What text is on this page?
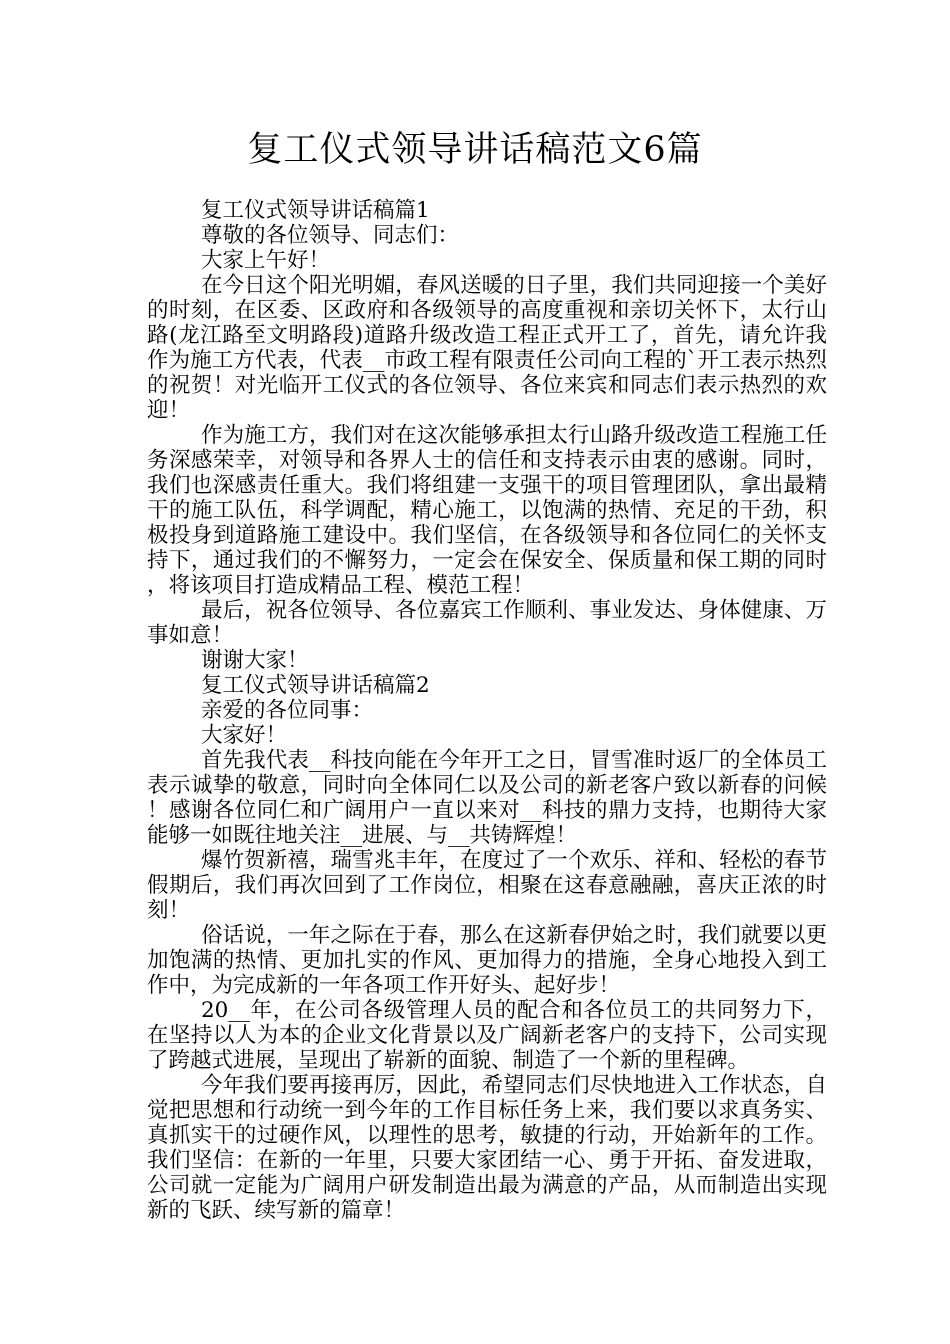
复工仪式领导讲话稿范文6篇

复工仪式领导讲话稿篇1

尊敬的各位领导、同志们：

大家上午好！

在今日这个阳光明媚，春风送暖的日子里，我们共同迎接一个美好的时刻，在区委、区政府和各级领导的高度重视和亲切关怀下，太行山路(龙江路至文明路段)道路升级改造工程正式开工了，首先，请允许我作为施工方代表，代表__市政工程有限责任公司向工程的`开工表示热烈的祝贺！对光临开工仪式的各位领导、各位来宾和同志们表示热烈的欢迎！

作为施工方，我们对在这次能够承担太行山路升级改造工程施工任务深感荣幸，对领导和各界人士的信任和支持表示由衷的感谢。同时，我们也深感责任重大。我们将组建一支强干的项目管理团队，拿出最精干的施工队伍，科学调配，精心施工，以饱满的热情、充足的干劲，积极投身到道路施工建设中。我们坚信，在各级领导和各位同仁的关怀支持下，通过我们的不懈努力，一定会在保安全、保质量和保工期的同时，将该项目打造成精品工程、模范工程！

最后，祝各位领导、各位嘉宾工作顺利、事业发达、身体健康、万事如意！

谢谢大家！

复工仪式领导讲话稿篇2

亲爱的各位同事：

大家好！

首先我代表__科技向能在今年开工之日，冒雪准时返厂的全体员工表示诚挚的敬意，同时向全体同仁以及公司的新老客户致以新春的问候！感谢各位同仁和广阔用户一直以来对__科技的鼎力支持，也期待大家能够一如既往地关注__进展、与__共铸辉煌！

爆竹贺新禧，瑞雪兆丰年，在度过了一个欢乐、祥和、轻松的春节假期后，我们再次回到了工作岗位，相聚在这春意融融，喜庆正浓的时刻！

俗话说，一年之际在于春，那么在这新春伊始之时，我们就要以更加饱满的热情、更加扎实的作风、更加得力的措施，全身心地投入到工作中，为完成新的一年各项工作开好头、起好步！

20__年，在公司各级管理人员的配合和各位员工的共同努力下，在坚持以人为本的企业文化背景以及广阔新老客户的支持下，公司实现了跨越式进展，呈现出了崭新的面貌、制造了一个新的里程碑。

今年我们要再接再厉，因此，希望同志们尽快地进入工作状态，自觉把思想和行动统一到今年的工作目标任务上来，我们要以求真务实、真抓实干的过硬作风，以理性的思考，敏捷的行动，开始新年的工作。我们坚信：在新的一年里，只要大家团结一心、勇于开拓、奋发进取，公司就一定能为广阔用户研发制造出最为满意的产品，从而制造出实现新的飞跃、续写新的篇章！
